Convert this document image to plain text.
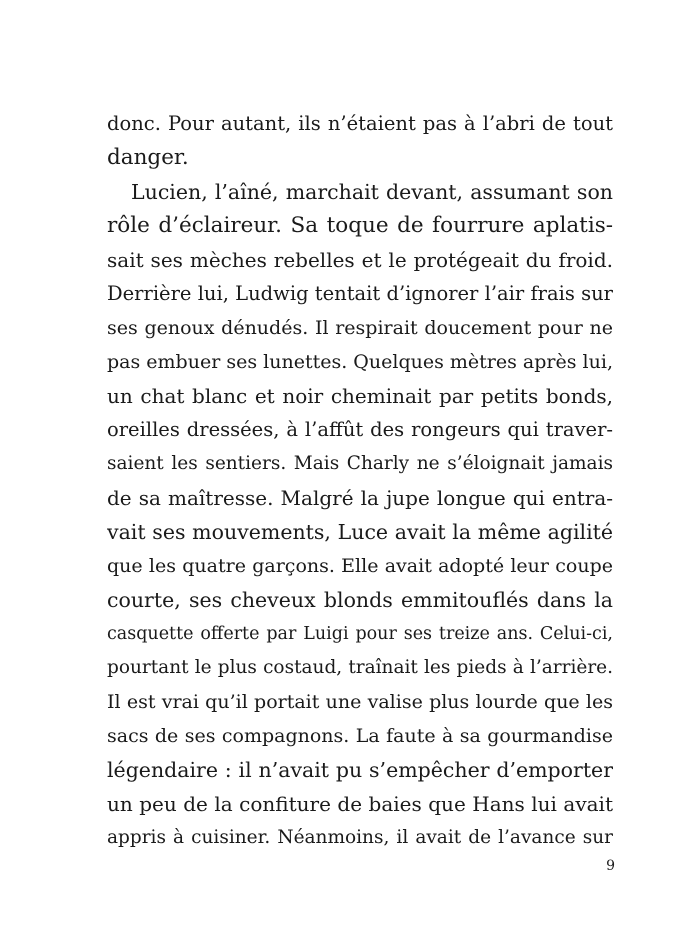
donc. Pour autant, ils n’étaient pas à l’abri de tout
danger.
Lucien, l’aîné, marchait devant, assumant son
rôle d’éclaireur. Sa toque de fourrure aplatis-
sait ses mèches rebelles et le protégeait du froid.
Derrière lui, Ludwig tentait d’ignorer l’air frais sur
ses genoux dénudés. Il respirait doucement pour ne
pas embuer ses lunettes. Quelques mètres après lui,
un chat blanc et noir cheminait par petits bonds,
oreilles dressées, à l’affût des rongeurs qui traver-
saient les sentiers. Mais Charly ne s’éloignait jamais
de sa maîtresse. Malgré la jupe longue qui entra-
vait ses mouvements, Luce avait la même agilité
que les quatre garçons. Elle avait adopté leur coupe
courte, ses cheveux blonds emmitouflés dans la
casquette offerte par Luigi pour ses treize ans. Celui-ci,
pourtant le plus costaud, traînait les pieds à l’arrière.
Il est vrai qu’il portait une valise plus lourde que les
sacs de ses compagnons. La faute à sa gourmandise
légendaire : il n’avait pu s’empêcher d’emporter
un peu de la confiture de baies que Hans lui avait
appris à cuisiner. Néanmoins, il avait de l’avance sur
9
